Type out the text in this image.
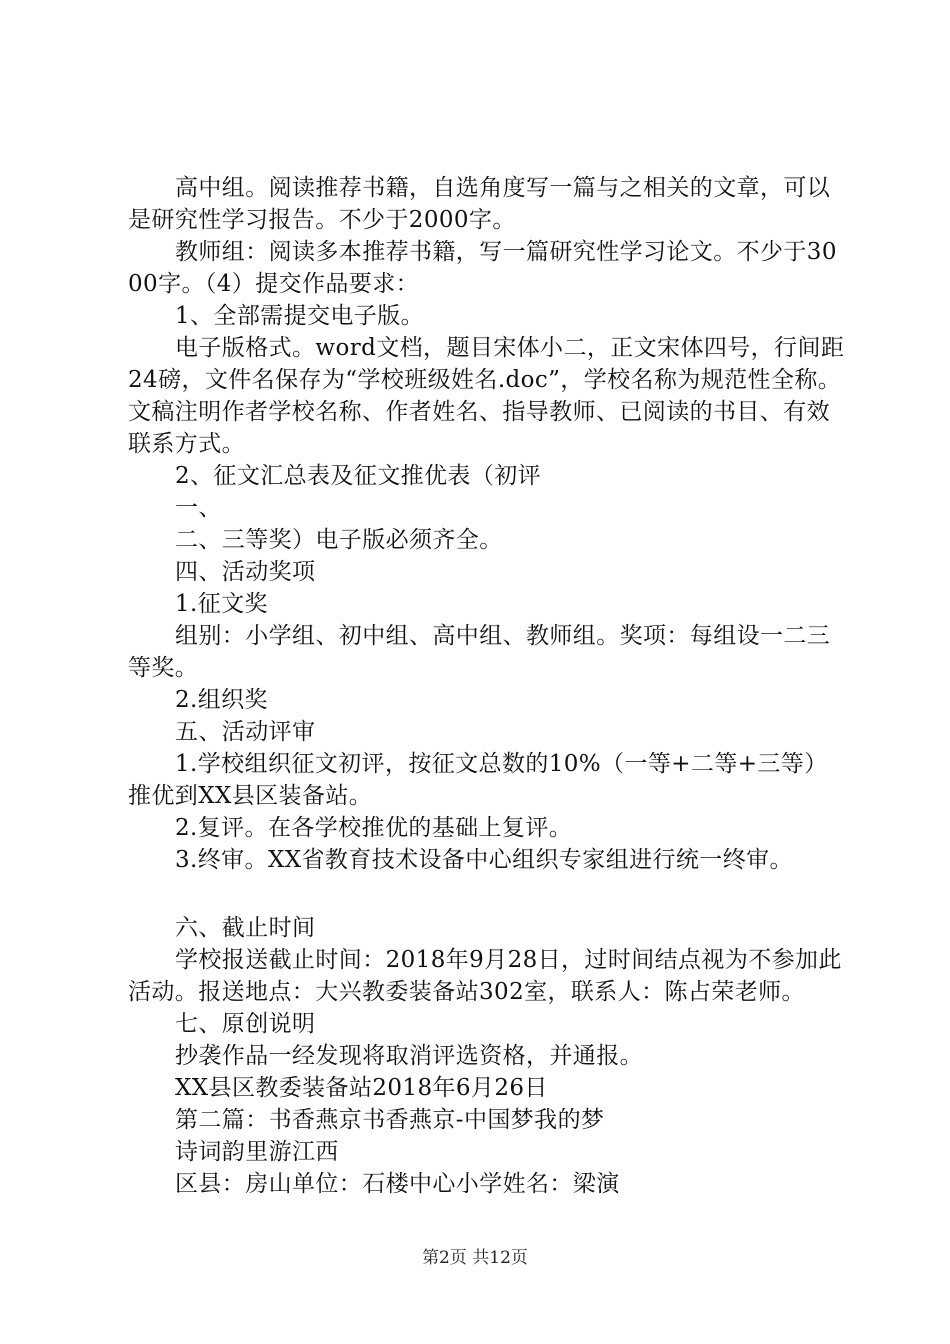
高中组。阅读推荐书籍，自选角度写一篇与之相关的文章，可以是研究性学习报告。不少于2000字。

教师组：阅读多本推荐书籍，写一篇研究性学习论文。不少于3000字。（4）提交作品要求：

1、全部需提交电子版。

电子版格式。word文档，题目宋体小二，正文宋体四号，行间距24磅，文件名保存为“学校班级姓名.doc”，学校名称为规范性全称。文稿注明作者学校名称、作者姓名、指导教师、已阅读的书目、有效联系方式。

2、征文汇总表及征文推优表（初评

一、

二、三等奖）电子版必须齐全。

四、活动奖项

1.征文奖

组别：小学组、初中组、高中组、教师组。奖项：每组设一二三等奖。

2.组织奖

五、活动评审

1.学校组织征文初评，按征文总数的10%（一等+二等+三等）推优到XX县区装备站。

2.复评。在各学校推优的基础上复评。

3.终审。XX省教育技术设备中心组织专家组进行统一终审。

六、截止时间

学校报送截止时间：2018年9月28日，过时间结点视为不参加此活动。报送地点：大兴教委装备站302室，联系人：陈占荣老师。

七、原创说明

抄袭作品一经发现将取消评选资格，并通报。

XX县区教委装备站2018年6月26日

第二篇：书香燕京书香燕京-中国梦我的梦

诗词韵里游江西

区县：房山单位：石楼中心小学姓名：梁演

第2页 共12页
